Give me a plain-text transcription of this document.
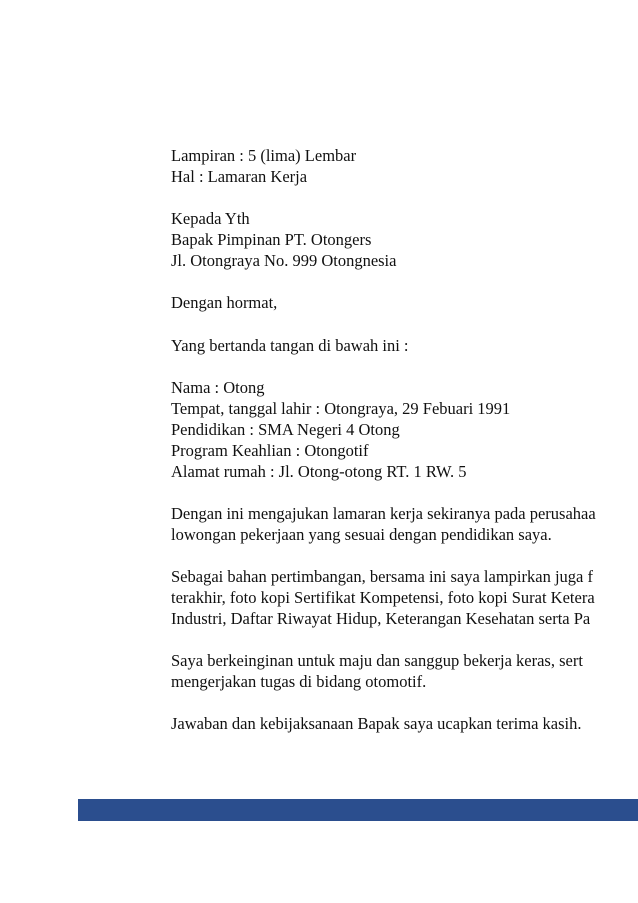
Lampiran : 5 (lima) Lembar
Hal : Lamaran Kerja
Kepada Yth
Bapak Pimpinan PT. Otongers
Jl. Otongraya No. 999 Otongnesia
Dengan hormat,
Yang bertanda tangan di bawah ini :
Nama : Otong
Tempat, tanggal lahir : Otongraya, 29 Febuari 1991
Pendidikan : SMA Negeri 4 Otong
Program Keahlian : Otongotif
Alamat rumah : Jl. Otong-otong RT. 1 RW. 5
Dengan ini mengajukan lamaran kerja sekiranya pada perusahaa
lowongan pekerjaan yang sesuai dengan pendidikan saya.
Sebagai bahan pertimbangan, bersama ini saya lampirkan juga f
terakhir, foto kopi Sertifikat Kompetensi, foto kopi Surat Ketera
Industri, Daftar Riwayat Hidup, Keterangan Kesehatan serta Pa
Saya berkeinginan untuk maju dan sanggup bekerja keras, sert
mengerjakan tugas di bidang otomotif.
Jawaban dan kebijaksanaan Bapak saya ucapkan terima kasih.
